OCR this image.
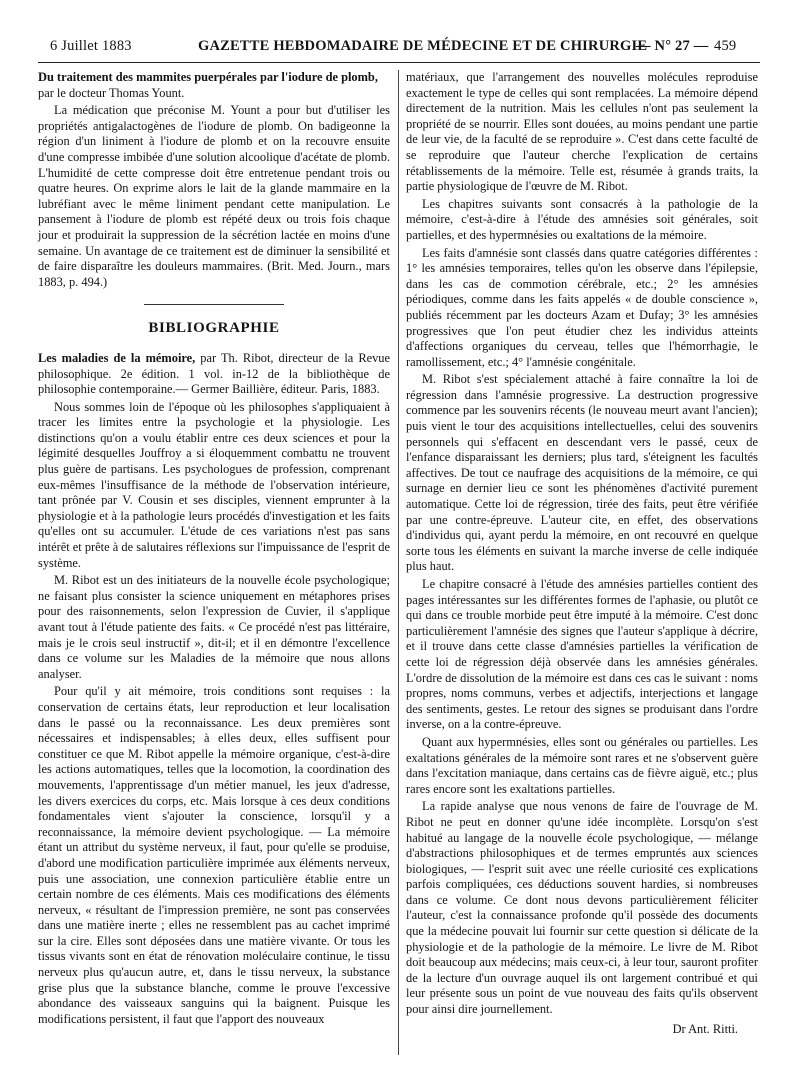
6 Juillet 1883	GAZETTE HEBDOMADAIRE DE MÉDECINE ET DE CHIRURGIE
— N° 27 — 459

Du traitement des mammites puerpérales par l'iodure de plomb, par le docteur Thomas Yount.

La médication que préconise M. Yount a pour but d'utiliser les propriétés antigalactogènes de l'iodure de plomb. On badigeonne la région d'un liniment à l'iodure de plomb et on la recouvre ensuite d'une compresse imbibée d'une solution alcoolique d'acétate de plomb. L'humidité de cette compresse doit être entretenue pendant trois ou quatre heures. On exprime alors le lait de la glande mammaire en la lubréfiant avec le même liniment pendant cette manipulation. Le pansement à l'iodure de plomb est répété deux ou trois fois chaque jour et produirait la suppression de la sécrétion lactée en moins d'une semaine. Un avantage de ce traitement est de diminuer la sensibilité et de faire disparaître les douleurs mammaires. (Brit. Med. Journ., mars 1883, p. 494.)

BIBLIOGRAPHIE

Les maladies de la mémoire, par Th. Ribot, directeur de la Revue philosophique. 2e édition. 1 vol. in-12 de la bibliothèque de philosophie contemporaine.— Germer Baillière, éditeur. Paris, 1883.

Nous sommes loin de l'époque où les philosophes s'appliquaient à tracer les limites entre la psychologie et la physiologie. Les distinctions qu'on a voulu établir entre ces deux sciences et pour la légimité desquelles Jouffroy a si éloquemment combattu ne trouvent plus guère de partisans. Les psychologues de profession, comprenant eux-mêmes l'insuffisance de la méthode de l'observation intérieure, tant prônée par V. Cousin et ses disciples, viennent emprunter à la physiologie et à la pathologie leurs procédés d'investigation et les faits qu'elles ont su accumuler. L'étude de ces variations n'est pas sans intérêt et prête à de salutaires réflexions sur l'impuissance de l'esprit de système.

M. Ribot est un des initiateurs de la nouvelle école psychologique; ne faisant plus consister la science uniquement en métaphores prises pour des raisonnements, selon l'expression de Cuvier, il s'applique avant tout à l'étude patiente des faits. « Ce procédé n'est pas littéraire, mais je le crois seul instructif », dit-il; et il en démontre l'excellence dans ce volume sur les Maladies de la mémoire que nous allons analyser.

Pour qu'il y ait mémoire, trois conditions sont requises : la conservation de certains états, leur reproduction et leur localisation dans le passé ou la reconnaissance. Les deux premières sont nécessaires et indispensables; à elles deux, elles suffisent pour constituer ce que M. Ribot appelle la mémoire organique, c'est-à-dire les actions automatiques, telles que la locomotion, la coordination des mouvements, l'apprentissage d'un métier manuel, les jeux d'adresse, les divers exercices du corps, etc. Mais lorsque à ces deux conditions fondamentales vient s'ajouter la conscience, lorsqu'il y a reconnaissance, la mémoire devient psychologique. — La mémoire étant un attribut du système nerveux, il faut, pour qu'elle se produise, d'abord une modification particulière imprimée aux éléments nerveux, puis une association, une connexion particulière établie entre un certain nombre de ces éléments. Mais ces modifications des éléments nerveux, « résultant de l'impression première, ne sont pas conservées dans une matière inerte ; elles ne ressemblent pas au cachet imprimé sur la cire. Elles sont déposées dans une matière vivante. Or tous les tissus vivants sont en état de rénovation moléculaire continue, le tissu nerveux plus qu'aucun autre, et, dans le tissu nerveux, la substance grise plus que la substance blanche, comme le prouve l'excessive abondance des vaisseaux sanguins qui la baignent. Puisque les modifications persistent, il faut que l'apport des nouveaux

matériaux, que l'arrangement des nouvelles molécules reproduise exactement le type de celles qui sont remplacées. La mémoire dépend directement de la nutrition. Mais les cellules n'ont pas seulement la propriété de se nourrir. Elles sont douées, au moins pendant une partie de leur vie, de la faculté de se reproduire ». C'est dans cette faculté de se reproduire que l'auteur cherche l'explication de certains rétablissements de la mémoire. Telle est, résumée à grands traits, la partie physiologique de l'œuvre de M. Ribot.

Les chapitres suivants sont consacrés à la pathologie de la mémoire, c'est-à-dire à l'étude des amnésies soit générales, soit partielles, et des hypermnésies ou exaltations de la mémoire.

Les faits d'amnésie sont classés dans quatre catégories différentes : 1° les amnésies temporaires, telles qu'on les observe dans l'épilepsie, dans les cas de commotion cérébrale, etc.; 2° les amnésies périodiques, comme dans les faits appelés « de double conscience », publiés récemment par les docteurs Azam et Dufay; 3° les amnésies progressives que l'on peut étudier chez les individus atteints d'affections organiques du cerveau, telles que l'hémorrhagie, le ramollissement, etc.; 4° l'amnésie congénitale.

M. Ribot s'est spécialement attaché à faire connaître la loi de régression dans l'amnésie progressive. La destruction progressive commence par les souvenirs récents (le nouveau meurt avant l'ancien); puis vient le tour des acquisitions intellectuelles, celui des souvenirs personnels qui s'effacent en descendant vers le passé, ceux de l'enfance disparaissant les derniers; plus tard, s'éteignent les facultés affectives. De tout ce naufrage des acquisitions de la mémoire, ce qui surnage en dernier lieu ce sont les phénomènes d'activité purement automatique. Cette loi de régression, tirée des faits, peut être vérifiée par une contre-épreuve. L'auteur cite, en effet, des observations d'individus qui, ayant perdu la mémoire, en ont recouvré en quelque sorte tous les éléments en suivant la marche inverse de celle indiquée plus haut.

Le chapitre consacré à l'étude des amnésies partielles contient des pages intéressantes sur les différentes formes de l'aphasie, ou plutôt ce qui dans ce trouble morbide peut être imputé à la mémoire. C'est donc particulièrement l'amnésie des signes que l'auteur s'applique à décrire, et il trouve dans cette classe d'amnésies partielles la vérification de cette loi de régression déjà observée dans les amnésies générales. L'ordre de dissolution de la mémoire est dans ces cas le suivant : noms propres, noms communs, verbes et adjectifs, interjections et langage des sentiments, gestes. Le retour des signes se produisant dans l'ordre inverse, on a la contre-épreuve.

Quant aux hypermnésies, elles sont ou générales ou partielles. Les exaltations générales de la mémoire sont rares et ne s'observent guère dans l'excitation maniaque, dans certains cas de fièvre aiguë, etc.; plus rares encore sont les exaltations partielles.

La rapide analyse que nous venons de faire de l'ouvrage de M. Ribot ne peut en donner qu'une idée incomplète. Lorsqu'on s'est habitué au langage de la nouvelle école psychologique, — mélange d'abstractions philosophiques et de termes empruntés aux sciences biologiques, — l'esprit suit avec une réelle curiosité ces explications parfois compliquées, ces déductions souvent hardies, si nombreuses dans ce volume. Ce dont nous devons particulièrement féliciter l'auteur, c'est la connaissance profonde qu'il possède des documents que la médecine pouvait lui fournir sur cette question si délicate de la physiologie et de la pathologie de la mémoire. Le livre de M. Ribot doit beaucoup aux médecins; mais ceux-ci, à leur tour, sauront profiter de la lecture d'un ouvrage auquel ils ont largement contribué et qui leur présente sous un point de vue nouveau des faits qu'ils observent pour ainsi dire journellement.

Dr Ant. Ritti.
